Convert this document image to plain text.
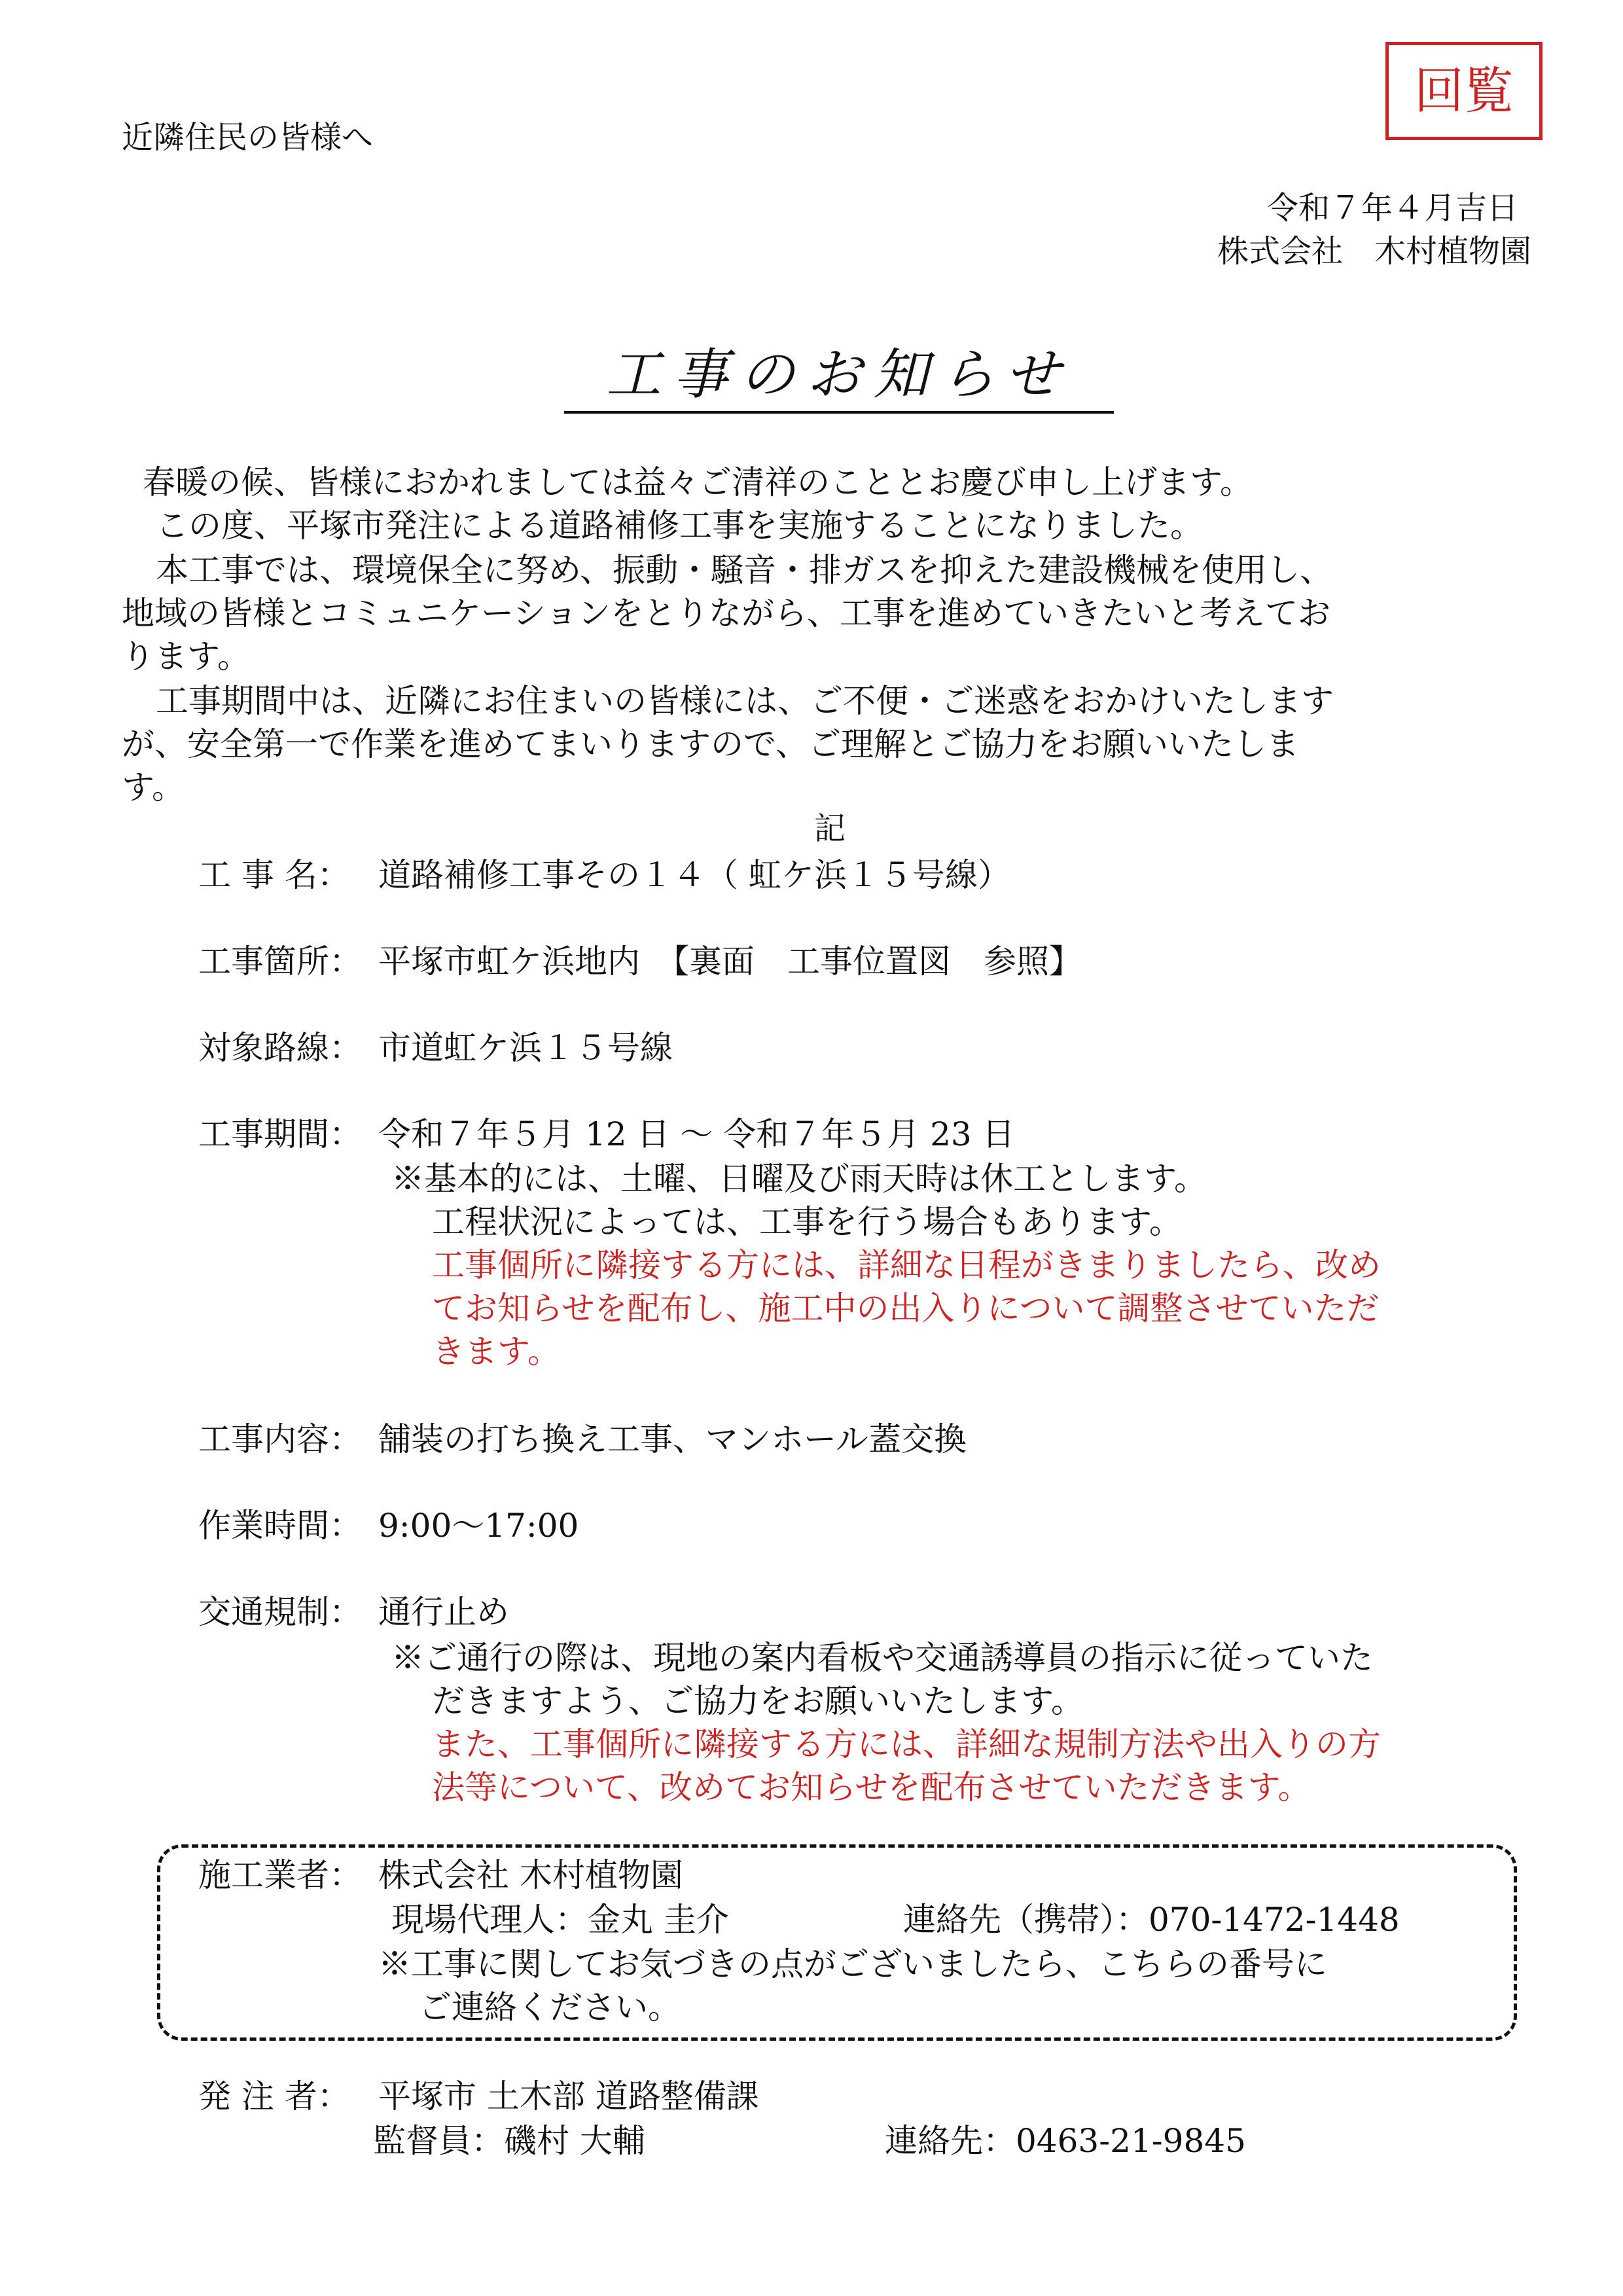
回覧
近隣住民の皆様へ
令和７年４月吉日
株式会社　木村植物園
工事のお知らせ
春暖の候、皆様におかれましては益々ご清祥のこととお慶び申し上げます。
この度、平塚市発注による道路補修工事を実施することになりました。
本工事では、環境保全に努め、振動・騒音・排ガスを抑えた建設機械を使用し、
地域の皆様とコミュニケーションをとりながら、工事を進めていきたいと考えてお
ります。
工事期間中は、近隣にお住まいの皆様には、ご不便・ご迷惑をおかけいたします
が、安全第一で作業を進めてまいりますので、ご理解とご協力をお願いいたしま
す。
記
工 事 名： 道路補修工事その１４（ 虹ケ浜１５号線）
工事箇所： 平塚市虹ケ浜地内　【裏面　工事位置図　参照】
対象路線： 市道虹ケ浜１５号線
工事期間： 令和７年５月 12 日 ～ 令和７年５月 23 日
※基本的には、土曜、日曜及び雨天時は休工とします。
工程状況によっては、工事を行う場合もあります。
工事個所に隣接する方には、詳細な日程がきまりましたら、改め
てお知らせを配布し、施工中の出入りについて調整させていただ
きます。
工事内容： 舗装の打ち換え工事、マンホール蓋交換
作業時間： 9:00～17:00
交通規制： 通行止め
※ご通行の際は、現地の案内看板や交通誘導員の指示に従っていた
だきますよう、ご協力をお願いいたします。
また、工事個所に隣接する方には、詳細な規制方法や出入りの方
法等について、改めてお知らせを配布させていただきます。
施工業者： 株式会社 木村植物園
現場代理人：金丸 圭介	連絡先（携帯）：070-1472-1448
※工事に関してお気づきの点がございましたら、こちらの番号に
ご連絡ください。
発 注 者： 平塚市 土木部 道路整備課
監督員：磯村 大輔	連絡先：0463-21-9845
